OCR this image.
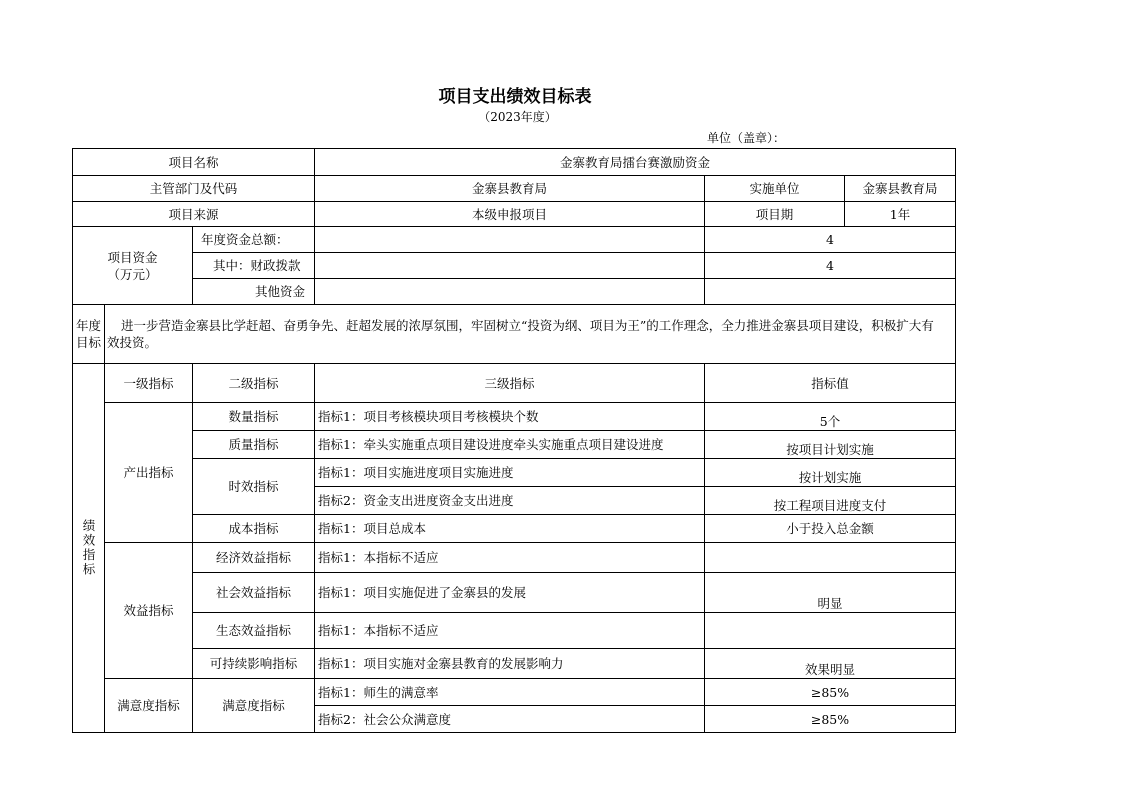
项目支出绩效目标表
（2023年度）
单位（盖章）：
项目名称			金寨教育局擂台赛激励资金		
主管部门及代码			金寨县教育局	实施单位	金寨县教育局
项目来源			本级申报项目	项目期	1年

项目资金
（万元）		年度资金总额：		4	
		其中：财政拨款		4	
		其他资金			
年度目标	进一步营造金寨县比学赶超、奋勇争先、赶超发展的浓厚氛围，牢固树立“投资为纲、项目为王”的工作理念，全力推进金寨县项目建设，积极扩大有效投资。				
绩效指标	一级指标	二级指标	三级指标	指标值	
	产出指标	数量指标	指标1：项目考核模块项目考核模块个数	5个	
		质量指标	指标1：牵头实施重点项目建设进度牵头实施重点项目建设进度	按项目计划实施	
		时效指标	指标1：项目实施进度项目实施进度	按计划实施	
			指标2：资金支出进度资金支出进度	按工程项目进度支付	
		成本指标	指标1：项目总成本	小于投入总金额	
	效益指标	经济效益指标	指标1：本指标不适应		
		社会效益指标	指标1：项目实施促进了金寨县的发展	明显	
		生态效益指标	指标1：本指标不适应		
		可持续影响指标	指标1：项目实施对金寨县教育的发展影响力	效果明显	
	满意度指标	满意度指标	指标1：师生的满意率	≥85%	
			指标2：社会公众满意度	≥85%	
